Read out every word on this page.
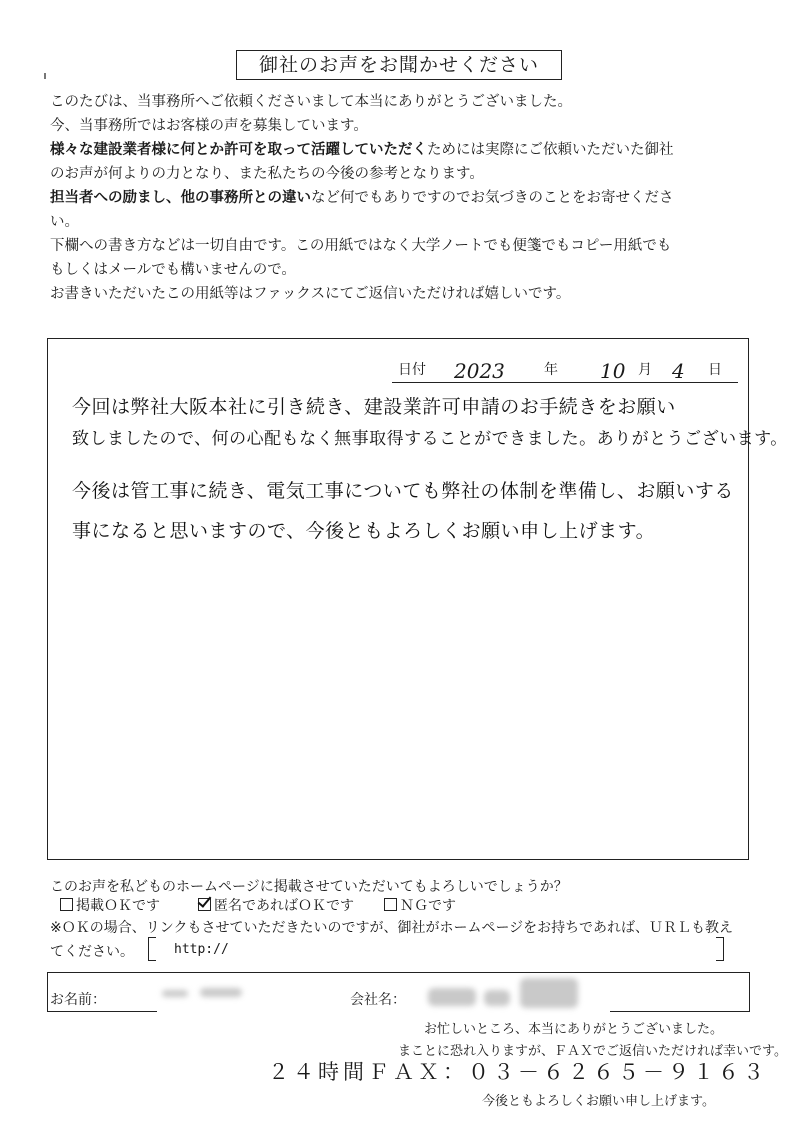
御社のお声をお聞かせください
このたびは、当事務所へご依頼くださいまして本当にありがとうございました。
今、当事務所ではお客様の声を募集しています。
様々な建設業者様に何とか許可を取って活躍していただくためには実際にご依頼いただいた御社
のお声が何よりの力となり、また私たちの今後の参考となります。
担当者への励まし、他の事務所との違いなど何でもありですのでお気づきのことをお寄せくださ
い。
下欄への書き方などは一切自由です。この用紙ではなく大学ノートでも便箋でもコピー用紙でも
もしくはメールでも構いませんので。
お書きいただいたこの用紙等はファックスにてご返信いただければ嬉しいです。
日付 2023	年 10 月 4 日
今回は弊社大阪本社に引き続き、建設業許可申請のお手続きをお願い
致しましたので、何の心配もなく無事取得することができました。ありがとうございます。
今後は管工事に続き、電気工事についても弊社の体制を準備し、お願いする
事になると思いますので、今後ともよろしくお願い申し上げます。
このお声を私どものホームページに掲載させていただいてもよろしいでしょうか？
掲載ＯＫです	匿名であればＯＫです	ＮＧです
※ＯＫの場合、リンクもさせていただきたいのですが、御社がホームページをお持ちであれば、ＵＲＬも教え
てください。	http://
お名前：	会社名：
お忙しいところ、本当にありがとうございました。
まことに恐れ入りますが、ＦＡＸでご返信いただければ幸いです。
２４時間ＦＡＸ：０３－６２６５－９１６３
今後ともよろしくお願い申し上げます。
